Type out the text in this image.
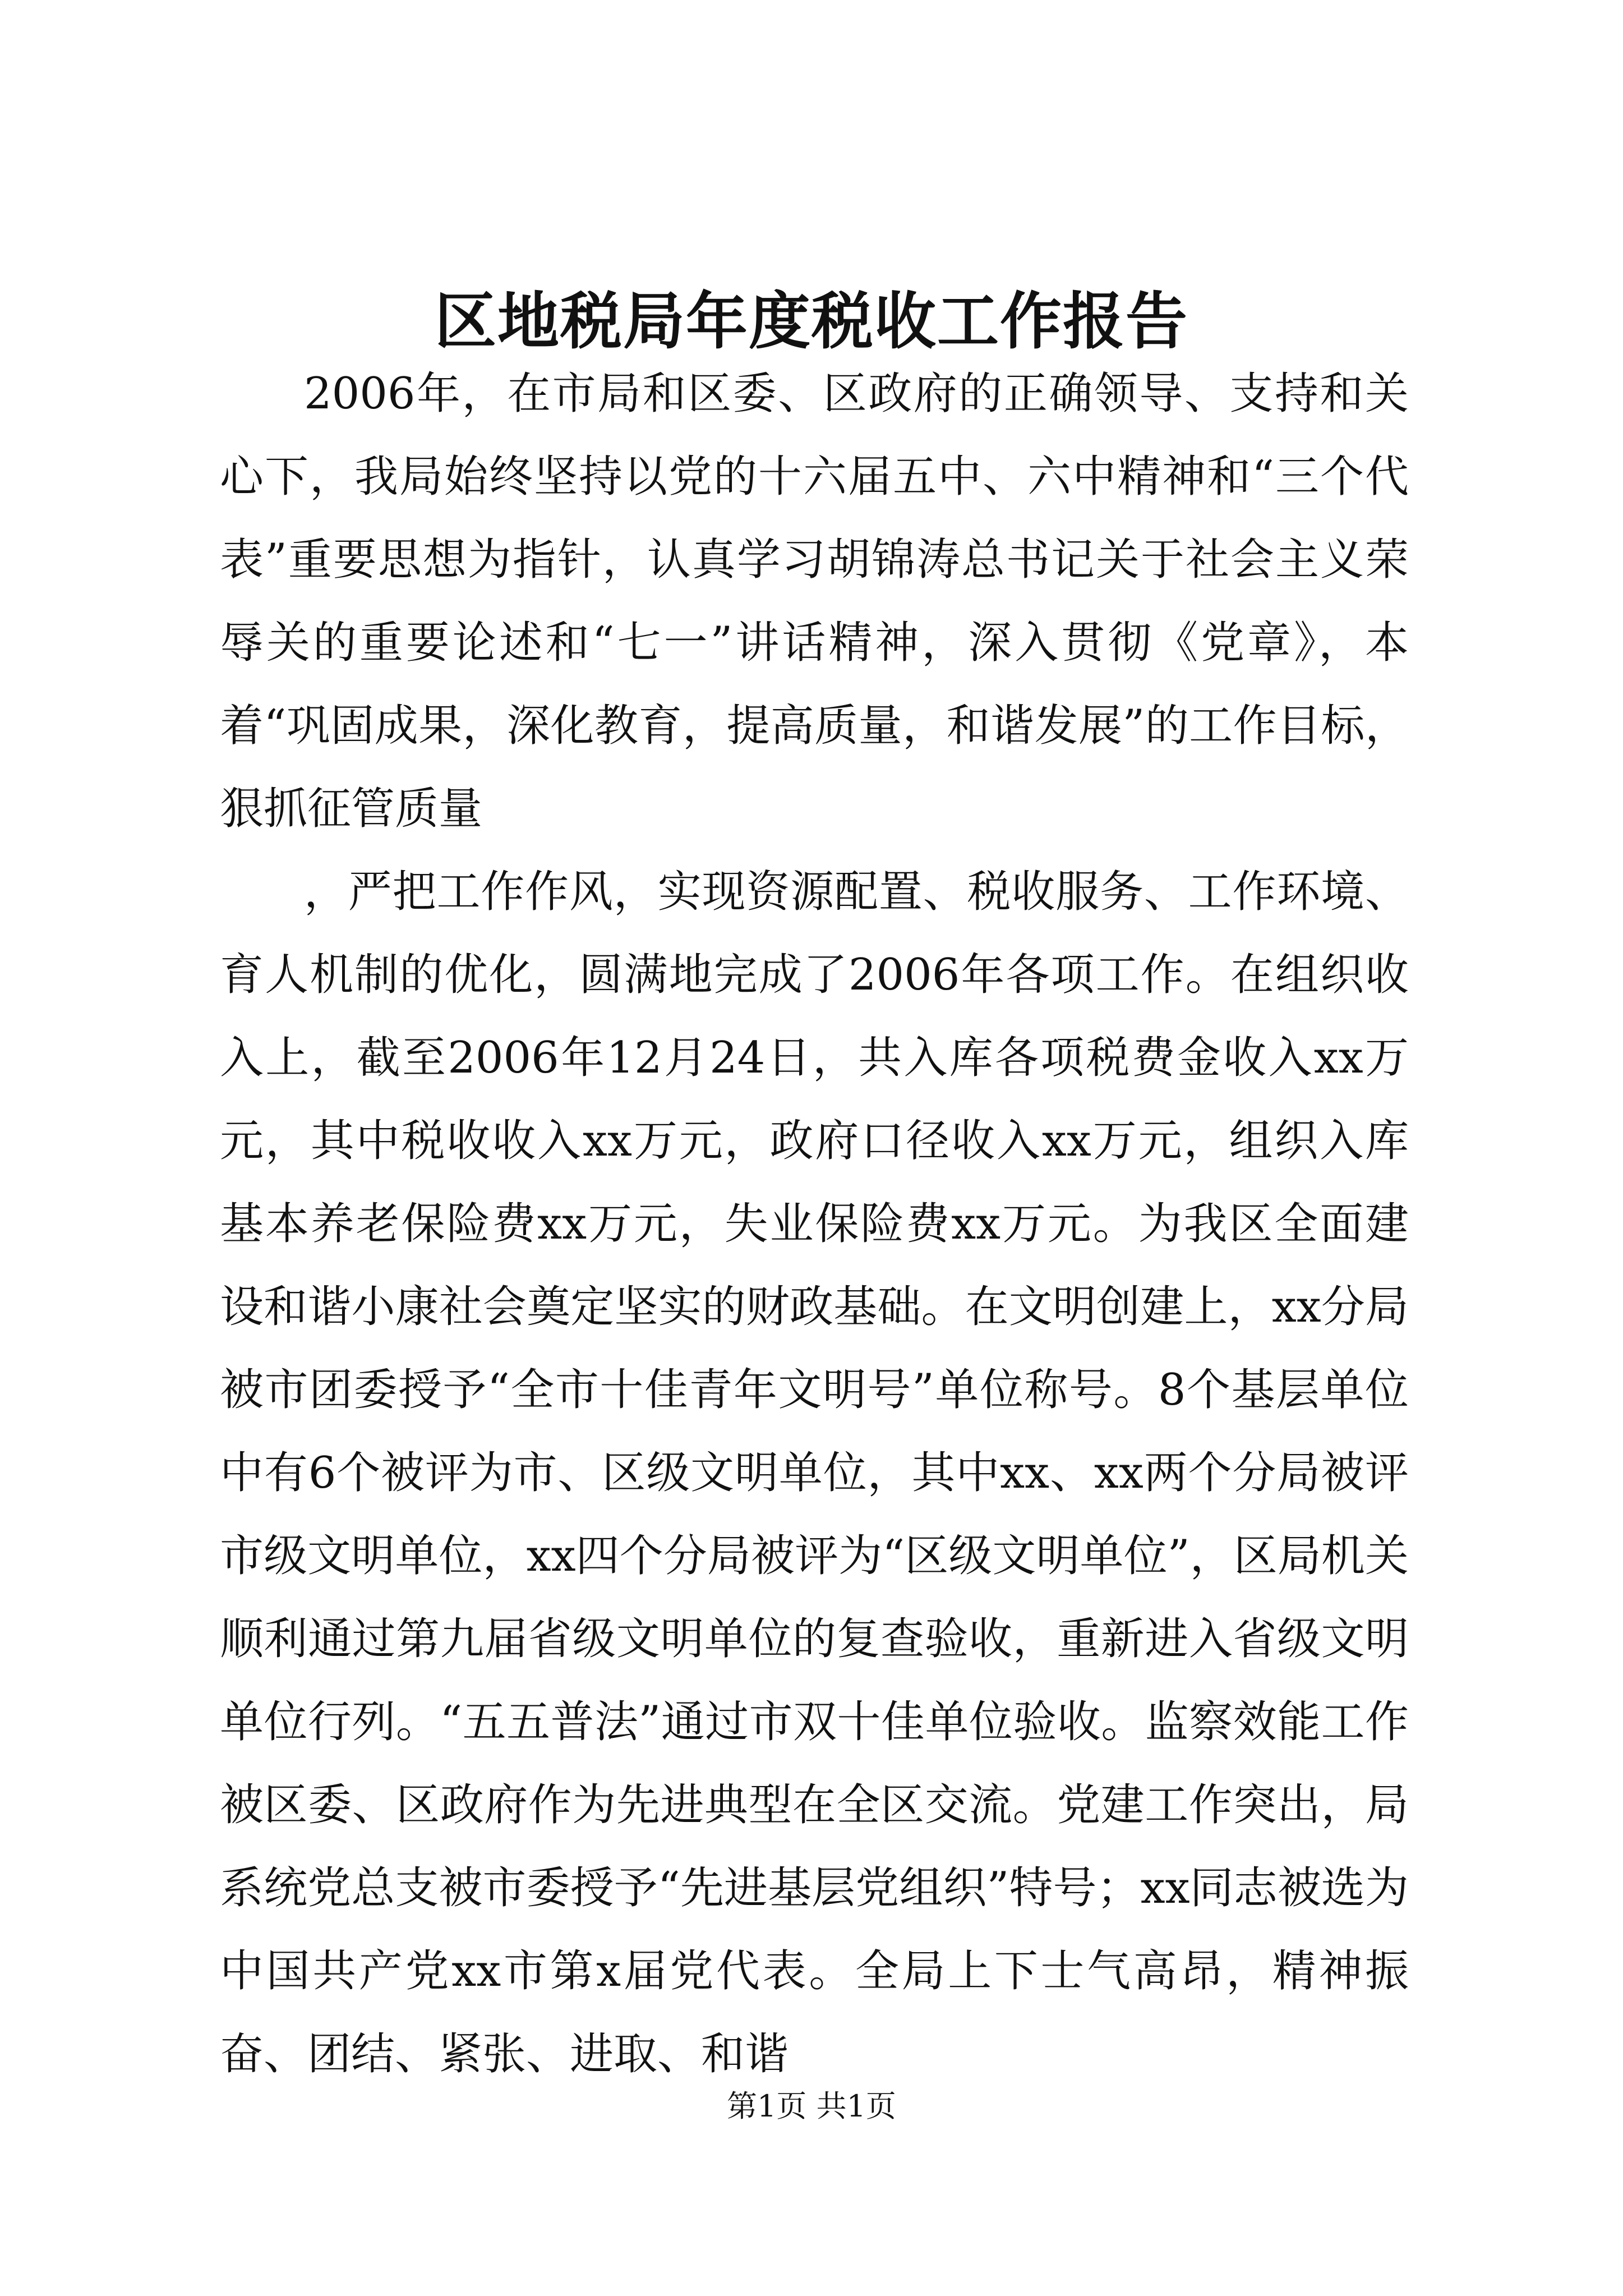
区地税局年度税收工作报告

2006年，在市局和区委、区政府的正确领导、支持和关心下，我局始终坚持以党的十六届五中、六中精神和“三个代表”重要思想为指针，认真学习胡锦涛总书记关于社会主义荣辱关的重要论述和“七一”讲话精神，深入贯彻《党章》，本着“巩固成果，深化教育，提高质量，和谐发展”的工作目标，狠抓征管质量

，严把工作作风，实现资源配置、税收服务、工作环境、育人机制的优化，圆满地完成了2006年各项工作。在组织收入上，截至2006年12月24日，共入库各项税费金收入xx万元，其中税收收入xx万元，政府口径收入xx万元，组织入库基本养老保险费xx万元，失业保险费xx万元。为我区全面建设和谐小康社会奠定坚实的财政基础。在文明创建上，xx分局被市团委授予“全市十佳青年文明号”单位称号。8个基层单位中有6个被评为市、区级文明单位，其中xx、xx两个分局被评市级文明单位，xx四个分局被评为“区级文明单位”，区局机关顺利通过第九届省级文明单位的复查验收，重新进入省级文明单位行列。“五五普法”通过市双十佳单位验收。监察效能工作被区委、区政府作为先进典型在全区交流。党建工作突出，局系统党总支被市委授予“先进基层党组织”特号；xx同志被选为中国共产党xx市第x届党代表。全局上下士气高昂，精神振奋、团结、紧张、进取、和谐

第1页 共1页
